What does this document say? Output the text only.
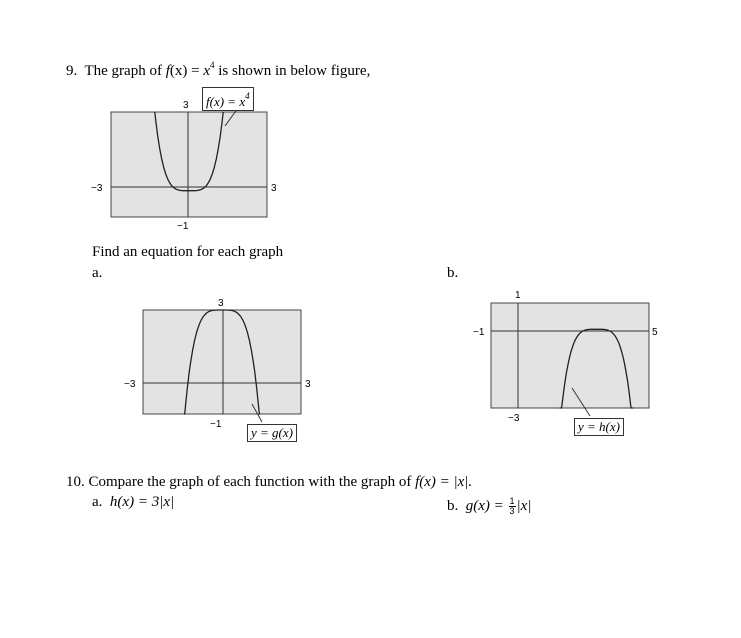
9. The graph of $f(x) = x^4$ is shown in below figure,
−3	3
3
−1
$f(x) = x^4$
Find an equation for each graph
a.	b.
−3	3
3
−1
y = g(x)
−1	5
1
−3
y = h(x)
10. Compare the graph of each function with the graph of f(x) = |x|.
a. h(x) = 3|x|	b. $g(x) = \frac{1}{3} |x|$
